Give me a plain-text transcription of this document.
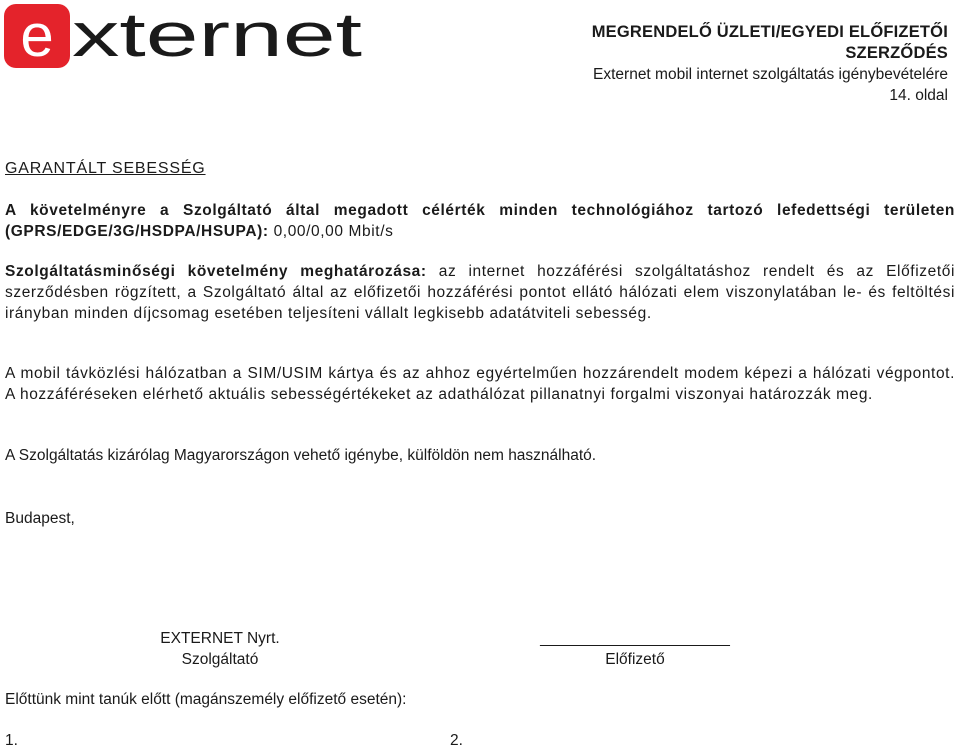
e xternet	MEGRENDELŐ ÜZLETI/EGYEDI ELŐFIZETŐI
SZERZŐDÉS
Externet mobil internet szolgáltatás igénybevételére
14. oldal
GARANTÁLT SEBESSÉG
A követelményre a Szolgáltató által megadott célérték minden technológiához tartozó lefedettségi területen (GPRS/EDGE/3G/HSDPA/HSUPA): 0,00/0,00 Mbit/s
Szolgáltatásminőségi követelmény meghatározása: az internet hozzáférési szolgáltatáshoz rendelt és az Előfizetői szerződésben rögzített, a Szolgáltató által az előfizetői hozzáférési pontot ellátó hálózati elem viszonylatában le- és feltöltési irányban minden díjcsomag esetében teljesíteni vállalt legkisebb adatátviteli sebesség.
A mobil távközlési hálózatban a SIM/USIM kártya és az ahhoz egyértelműen hozzárendelt modem képezi a hálózati végpontot. A hozzáféréseken elérhető aktuális sebességértékeket az adathálózat pillanatnyi forgalmi viszonyai határozzák meg.
A Szolgáltatás kizárólag Magyarországon vehető igénybe, külföldön nem használható.
Budapest,
EXTERNET Nyrt.
Szolgáltató
______________________
Előfizető
Előttünk mint tanúk előtt (magánszemély előfizető esetén):
1.	2.
